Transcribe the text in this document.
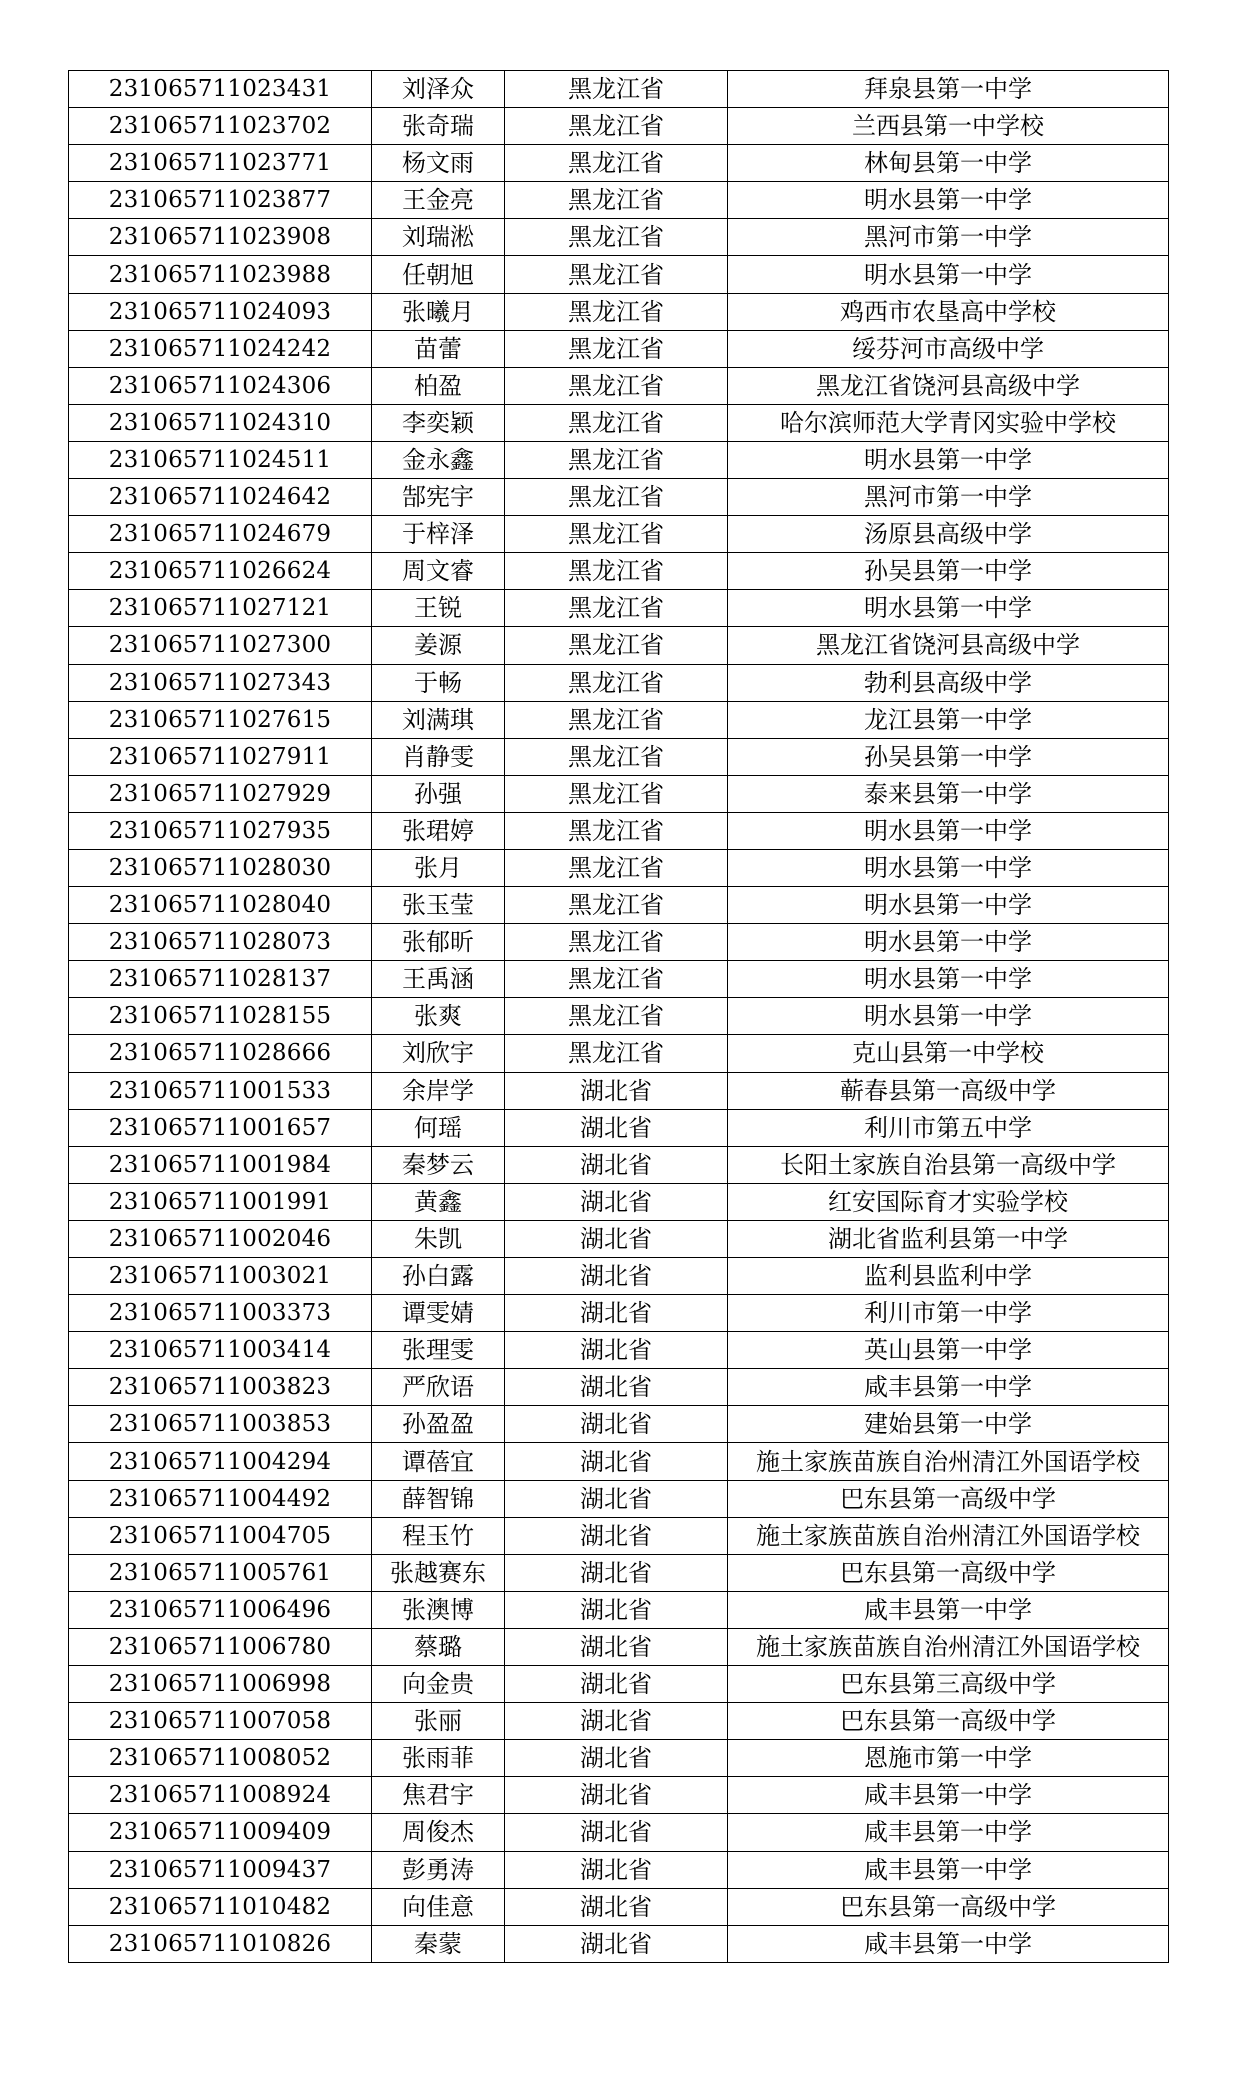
231065711023431	刘泽众	黑龙江省	拜泉县第一中学
231065711023702	张奇瑞	黑龙江省	兰西县第一中学校
231065711023771	杨文雨	黑龙江省	林甸县第一中学
231065711023877	王金亮	黑龙江省	明水县第一中学
231065711023908	刘瑞淞	黑龙江省	黑河市第一中学
231065711023988	任朝旭	黑龙江省	明水县第一中学
231065711024093	张曦月	黑龙江省	鸡西市农垦高中学校
231065711024242	苗蕾	黑龙江省	绥芬河市高级中学
231065711024306	柏盈	黑龙江省	黑龙江省饶河县高级中学
231065711024310	李奕颖	黑龙江省	哈尔滨师范大学青冈实验中学校
231065711024511	金永鑫	黑龙江省	明水县第一中学
231065711024642	郜宪宇	黑龙江省	黑河市第一中学
231065711024679	于梓泽	黑龙江省	汤原县高级中学
231065711026624	周文睿	黑龙江省	孙吴县第一中学
231065711027121	王锐	黑龙江省	明水县第一中学
231065711027300	姜源	黑龙江省	黑龙江省饶河县高级中学
231065711027343	于畅	黑龙江省	勃利县高级中学
231065711027615	刘满琪	黑龙江省	龙江县第一中学
231065711027911	肖静雯	黑龙江省	孙吴县第一中学
231065711027929	孙强	黑龙江省	泰来县第一中学
231065711027935	张珺婷	黑龙江省	明水县第一中学
231065711028030	张月	黑龙江省	明水县第一中学
231065711028040	张玉莹	黑龙江省	明水县第一中学
231065711028073	张郁昕	黑龙江省	明水县第一中学
231065711028137	王禹涵	黑龙江省	明水县第一中学
231065711028155	张爽	黑龙江省	明水县第一中学
231065711028666	刘欣宇	黑龙江省	克山县第一中学校
231065711001533	余岸学	湖北省	蕲春县第一高级中学
231065711001657	何瑶	湖北省	利川市第五中学
231065711001984	秦梦云	湖北省	长阳土家族自治县第一高级中学
231065711001991	黄鑫	湖北省	红安国际育才实验学校
231065711002046	朱凯	湖北省	湖北省监利县第一中学
231065711003021	孙白露	湖北省	监利县监利中学
231065711003373	谭雯婧	湖北省	利川市第一中学
231065711003414	张理雯	湖北省	英山县第一中学
231065711003823	严欣语	湖北省	咸丰县第一中学
231065711003853	孙盈盈	湖北省	建始县第一中学
231065711004294	谭蓓宜	湖北省	施土家族苗族自治州清江外国语学校
231065711004492	薛智锦	湖北省	巴东县第一高级中学
231065711004705	程玉竹	湖北省	施土家族苗族自治州清江外国语学校
231065711005761	张越赛东	湖北省	巴东县第一高级中学
231065711006496	张澳博	湖北省	咸丰县第一中学
231065711006780	蔡璐	湖北省	施土家族苗族自治州清江外国语学校
231065711006998	向金贵	湖北省	巴东县第三高级中学
231065711007058	张丽	湖北省	巴东县第一高级中学
231065711008052	张雨菲	湖北省	恩施市第一中学
231065711008924	焦君宇	湖北省	咸丰县第一中学
231065711009409	周俊杰	湖北省	咸丰县第一中学
231065711009437	彭勇涛	湖北省	咸丰县第一中学
231065711010482	向佳意	湖北省	巴东县第一高级中学
231065711010826	秦蒙	湖北省	咸丰县第一中学
